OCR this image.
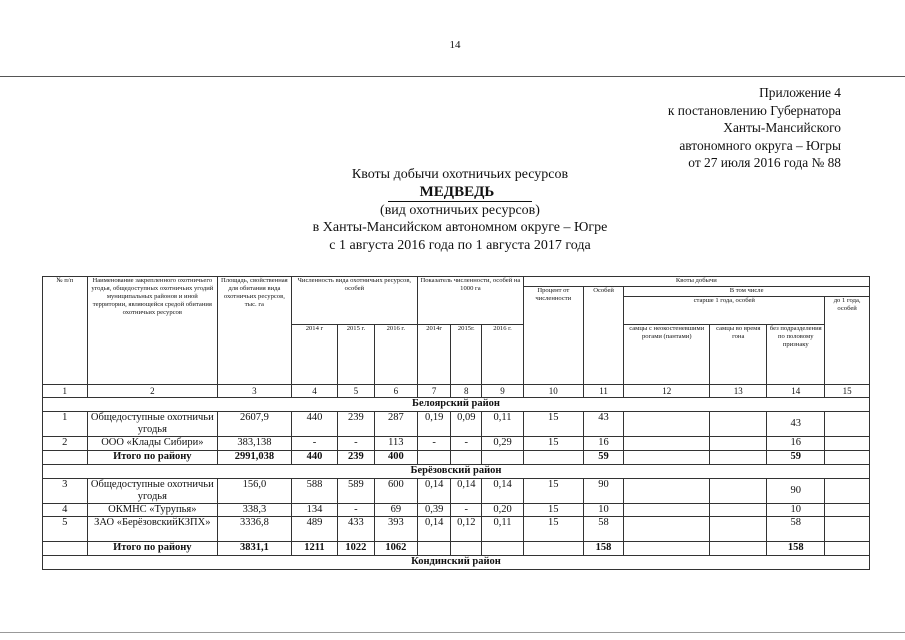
14
Приложение 4
к постановлению Губернатора
Ханты-Мансийского
автономного округа – Югры
от 27 июля 2016 года № 88
Квоты добычи охотничьих ресурсов
МЕДВЕДЬ
(вид охотничьих ресурсов)
в Ханты-Мансийском автономном округе – Югре
с 1 августа 2016 года по 1 августа 2017 года
№ п/п	Наименование закрепленного охотничьего угодья, общедоступных охотничьих угодий муниципальных районов и иной территории, являющейся средой обитания охотничьих ресурсов	Площадь, свойственная для обитания вида охотничьих ресурсов, тыс. га	Численность вида охотничьих ресурсов, особей			Показатель численности, особей на 1000 га			Квоты добычи					
									Процент от численности	Особей	В том числе			
											старше 1 года, особей			до 1 года, особей
			2014 г	2015 г.	2016 г.	2014г	2015г.	2016 г.			самцы с неокостеневшими рогами (пантами)	самцы во время гона	без подразделения по половому признаку	
1	2	3	4	5	6	7	8	9	10	11	12	13	14	15
Белоярский район														
1	Общедоступные охотничьи угодья	2607,9	440	239	287	0,19	0,09	0,11	15	43			43	
2	ООО «Клады Сибири»	383,138	-	-	113	-	-	0,29	15	16			16	
	Итого по району	2991,038	440	239	400					59			59	
Берёзовский район														
3	Общедоступные охотничьи угодья	156,0	588	589	600	0,14	0,14	0,14	15	90			90	
4	ОКМНС «Турупья»	338,3	134	-	69	0,39	-	0,20	15	10			10	
5	ЗАО «БерёзовскийКЗПХ»	3336,8	489	433	393	0,14	0,12	0,11	15	58			58	
	Итого по району	3831,1	1211	1022	1062					158			158	
Кондинский район														
